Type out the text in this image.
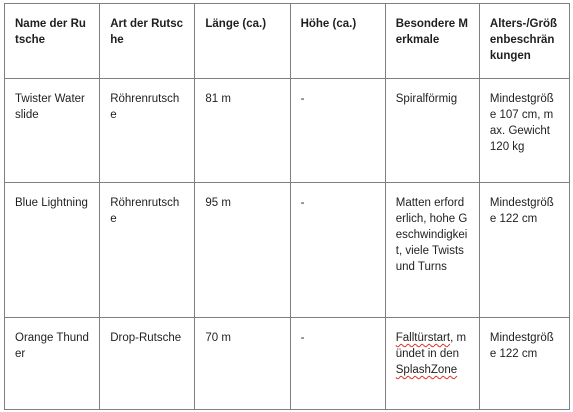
Name der Rutsche	Art der Rutsche	Länge (ca.)	Höhe (ca.)	Besondere Merkmale	Alters-/Größenbeschränkungen
Twister Waterslide	Röhrenrutsche	81 m	-	Spiralförmig	Mindestgröße 107 cm, max. Gewicht 120 kg
Blue Lightning	Röhrenrutsche	95 m	-	Matten erforderlich, hohe Geschwindigkeit, viele Twists und Turns	Mindestgröße 122 cm
Orange Thunder	Drop-Rutsche	70 m	-	Falltürstart, mündet in den SplashZone	Mindestgröße 122 cm
